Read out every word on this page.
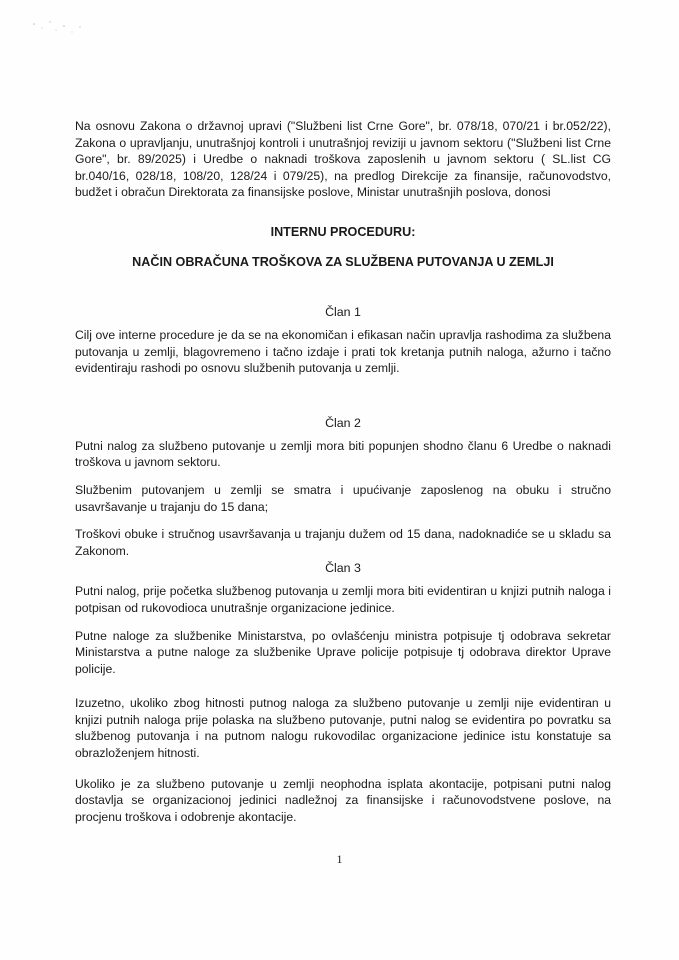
Na osnovu Zakona o državnoj upravi ("Službeni list Crne Gore", br. 078/18, 070/21 i br.052/22), Zakona o upravljanju, unutrašnjoj kontroli i unutrašnjoj reviziji u javnom sektoru ("Službeni list Crne Gore", br. 89/2025) i Uredbe o naknadi troškova zaposlenih u javnom sektoru ( SL.list CG br.040/16, 028/18, 108/20, 128/24 i 079/25), na predlog Direkcije za finansije, računovodstvo, budžet i obračun Direktorata za finansijske poslove, Ministar unutrašnjih poslova, donosi

INTERNU PROCEDURU:
NAČIN OBRAČUNA TROŠKOVA ZA SLUŽBENA PUTOVANJA U ZEMLJI
Član 1

Cilj ove interne procedure je da se na ekonomičan i efikasan način upravlja rashodima za službena putovanja u zemlji, blagovremeno i tačno izdaje i prati tok kretanja putnih naloga, ažurno i tačno evidentiraju rashodi po osnovu službenih putovanja u zemlji.

Član 2

Putni nalog za službeno putovanje u zemlji mora biti popunjen shodno članu 6 Uredbe o naknadi troškova u javnom sektoru.

Službenim putovanjem u zemlji se smatra i upućivanje zaposlenog na obuku i stručno usavršavanje u trajanju do 15 dana;

Troškovi obuke i stručnog usavršavanja u trajanju dužem od 15 dana, nadoknadiće se u skladu sa Zakonom.

Član 3

Putni nalog, prije početka službenog putovanja u zemlji mora biti evidentiran u knjizi putnih naloga i potpisan od rukovodioca unutrašnje organizacione jedinice.

Putne naloge za službenike Ministarstva, po ovlašćenju ministra potpisuje tj odobrava sekretar Ministarstva a putne naloge za službenike Uprave policije potpisuje tj odobrava direktor Uprave policije.

Izuzetno, ukoliko zbog hitnosti putnog naloga za službeno putovanje u zemlji nije evidentiran u knjizi putnih naloga prije polaska na službeno putovanje, putni nalog se evidentira po povratku sa službenog putovanja i na putnom nalogu rukovodilac organizacione jedinice istu konstatuje sa obrazloženjem hitnosti.

Ukoliko je za službeno putovanje u zemlji neophodna isplata akontacije, potpisani putni nalog dostavlja se organizacionoj jedinici nadležnoj za finansijske i računovodstvene poslove, na procjenu troškova i odobrenje akontacije.

1
